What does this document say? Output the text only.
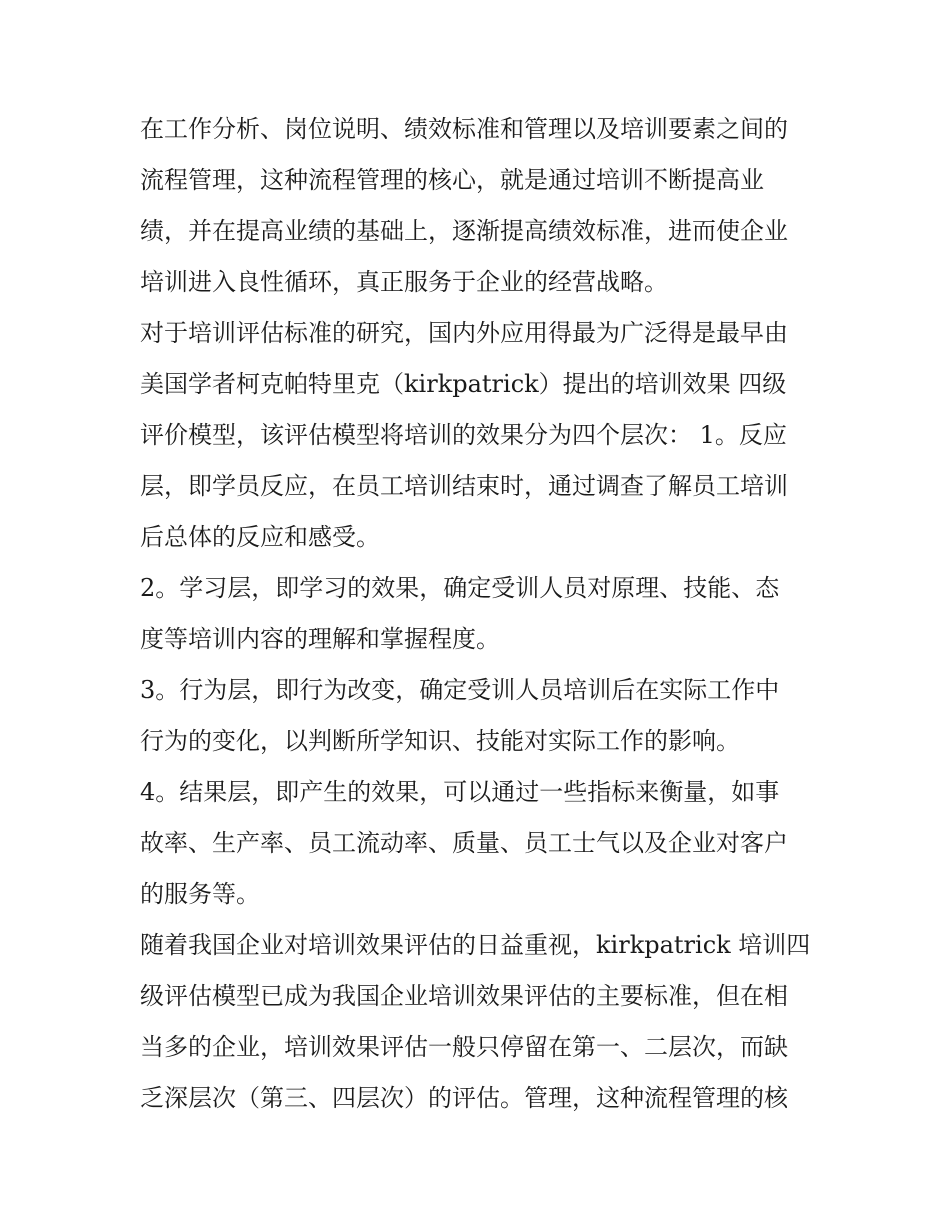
在工作分析、岗位说明、绩效标准和管理以及培训要素之间的
流程管理，这种流程管理的核心，就是通过培训不断提高业
绩，并在提高业绩的基础上，逐渐提高绩效标准，进而使企业
培训进入良性循环，真正服务于企业的经营战略。
对于培训评估标准的研究，国内外应用得最为广泛得是最早由
美国学者柯克帕特里克（kirkpatrick）提出的培训效果 四级
评价模型，该评估模型将培训的效果分为四个层次： 1。反应
层，即学员反应，在员工培训结束时，通过调查了解员工培训
后总体的反应和感受。
2。学习层，即学习的效果，确定受训人员对原理、技能、态
度等培训内容的理解和掌握程度。
3。行为层，即行为改变，确定受训人员培训后在实际工作中
行为的变化，以判断所学知识、技能对实际工作的影响。
4。结果层，即产生的效果，可以通过一些指标来衡量，如事
故率、生产率、员工流动率、质量、员工士气以及企业对客户
的服务等。
随着我国企业对培训效果评估的日益重视，kirkpatrick 培训四
级评估模型已成为我国企业培训效果评估的主要标准，但在相
当多的企业，培训效果评估一般只停留在第一、二层次，而缺
乏深层次（第三、四层次）的评估。管理，这种流程管理的核
